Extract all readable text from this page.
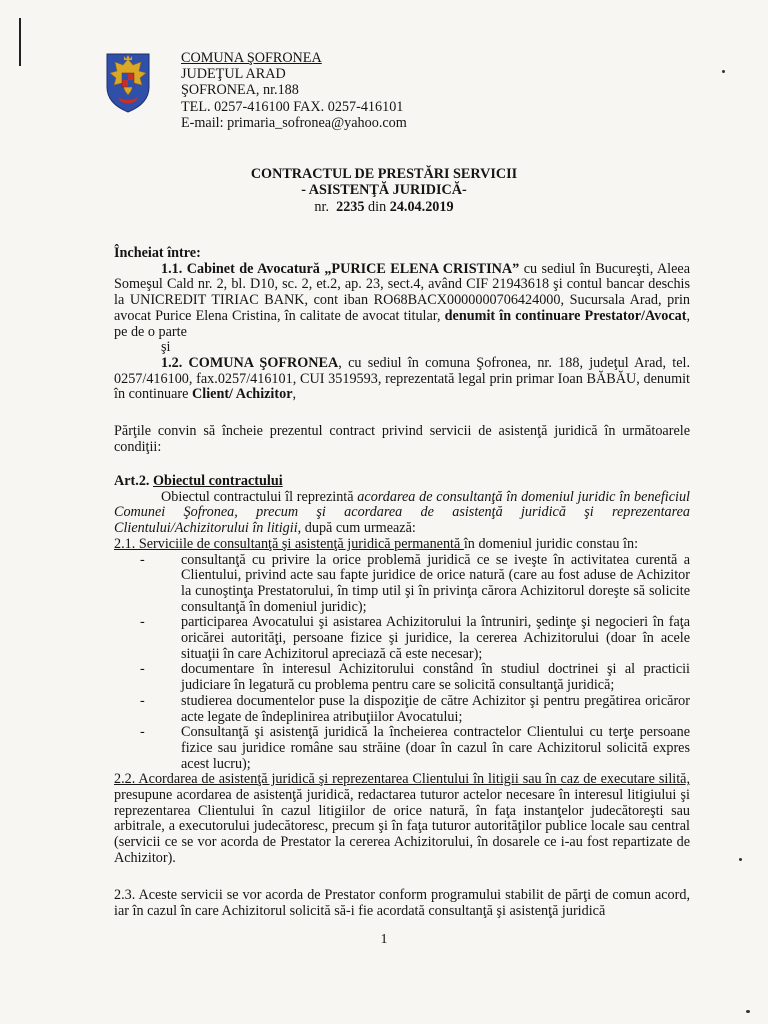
COMUNA ŞOFRONEA
JUDEŢUL ARAD
ŞOFRONEA, nr.188
TEL. 0257-416100 FAX. 0257-416101
E-mail: primaria_sofronea@yahoo.com
CONTRACTUL DE PRESTĂRI SERVICII
- ASISTENŢĂ JURIDICĂ-
nr. 2235 din 24.04.2019

Încheiat între:

1.1. Cabinet de Avocatură „PURICE ELENA CRISTINA” cu sediul în Bucureşti, Aleea Someşul Cald nr. 2, bl. D10, sc. 2, et.2, ap. 23, sect.4, având CIF 21943618 şi contul bancar deschis la UNICREDIT TIRIAC BANK, cont iban RO68BACX0000000706424000, Sucursala Arad, prin avocat Purice Elena Cristina, în calitate de avocat titular, denumit în continuare Prestator/Avocat, pe de o parte

şi

1.2. COMUNA ŞOFRONEA, cu sediul în comuna Şofronea, nr. 188, judeţul Arad, tel. 0257/416100, fax.0257/416101, CUI 3519593, reprezentată legal prin primar Ioan BĂBĂU, denumit în continuare Client/ Achizitor,

Părţile convin să încheie prezentul contract privind servicii de asistenţă juridică în următoarele condiţii:

Art.2. Obiectul contractului

Obiectul contractului îl reprezintă acordarea de consultanţă în domeniul juridic în beneficiul Comunei Şofronea, precum şi acordarea de asistenţă juridică şi reprezentarea Clientului/Achizitorului în litigii, după cum urmează:

2.1. Serviciile de consultanţă şi asistenţă juridică permanentă în domeniul juridic constau în:

-	consultanţă cu privire la orice problemă juridică ce se iveşte în activitatea curentă a Clientului, privind acte sau fapte juridice de orice natură (care au fost aduse de Achizitor la cunoştinţa Prestatorului, în timp util şi în privinţa cărora Achizitorul doreşte să solicite consultanţă în domeniul juridic);
-	participarea Avocatului şi asistarea Achizitorului la întruniri, şedinţe şi negocieri în faţa oricărei autorităţi, persoane fizice şi juridice, la cererea Achizitorului (doar în acele situaţii în care Achizitorul apreciază că este necesar);
-	documentare în interesul Achizitorului constând în studiul doctrinei şi al practicii judiciare în legatură cu problema pentru care se solicită consultanţă juridică;
-	studierea documentelor puse la dispoziţie de către Achizitor şi pentru pregătirea oricăror acte legate de îndeplinirea atribuţiilor Avocatului;
-	Consultanţă şi asistenţă juridică la încheierea contractelor Clientului cu terţe persoane fizice sau juridice române sau străine (doar în cazul în care Achizitorul solicită expres acest lucru);

2.2. Acordarea de asistenţă juridică şi reprezentarea Clientului în litigii sau în caz de executare silită, presupune acordarea de asistenţă juridică, redactarea tuturor actelor necesare în interesul litigiului şi reprezentarea Clientului în cazul litigiilor de orice natură, în faţa instanţelor judecătoreşti sau arbitrale, a executorului judecătoresc, precum şi în faţa tuturor autorităţilor publice locale sau central (servicii ce se vor acorda de Prestator la cererea Achizitorului, în dosarele ce i-au fost repartizate de Achizitor).

2.3. Aceste servicii se vor acorda de Prestator conform programului stabilit de părţi de comun acord, iar în cazul în care Achizitorul solicită să-i fie acordată consultanţă şi asistenţă juridică

1
